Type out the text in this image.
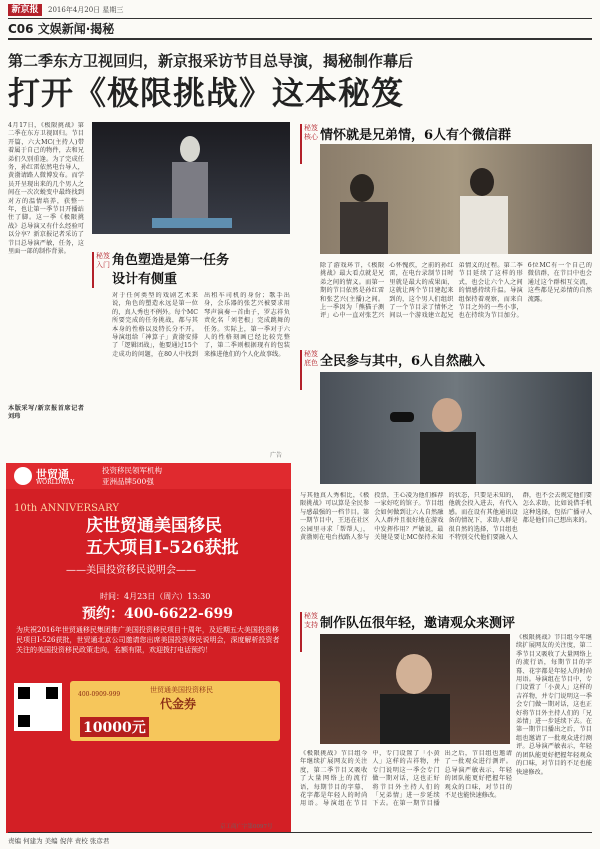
新京报	2016年4月20日 星期三
C06 文娱新闻·揭秘
第二季东方卫视回归，新京报采访节目总导演，揭秘制作幕后
打开《极限挑战》这本秘笈
4月17日，《极限挑战》第二季在东方卫视回归。节目开篇，六大MC(主持人)带着属于自己的物件，去和兄弟们久别重逢。为了完成任务，孙红雷依然电台导人，黄渤请路人微博发布。而学员开呈现出来的几个男人之间在一次次蜕变中最终找到对方的温情培养，获整一年，也让第一季节目开播站住了脚。这一季《极限挑战》总导演又有什么经验可以分享？新京报记者采访了节目总导演严敏，任务，这里面一部的制作背景。
本版采写/新京报首席记者 刘玮
秘笈入门 角色塑造是第一任务设计有侧重
对于任何类型的戏剧艺术来说，角色的塑造永远是第一位的，真人秀也不例外。每个MC所要完成的任务挑战，都与其本身的性格以及特长分不开。导演组给「神算子」黄渤安排了「逻辑团战」，他要通过15个走成功的问题，在80人中找到出租车司机的身份；歌手出身，会乐器的张艺兴被要求用琴声演奏一首曲子，罗志祥负责化名「刘老根」完成跳舞的任务。实际上，第一季对于六人的性格刻画已经比较完整了，第二季则根据现有的包装来推进他们的个人化故事线。
秘笈核心 情怀就是兄弟情，6人有个微信群
除了游戏环节，《极限挑战》最大看点就是兄弟之间的情义。而第一期的节目依然是孙红雷和张艺兴(主播)之间。上一季因为「熊猫子测评」心中一直对张艺兴心怀愧疚，之前的孙红雷，在电台录制节目时里就是最大的成果面，这就让两个节目建起来到的，这个男人们组织了一个节目录了情怀之间以一个游戏建立起兄弟情义的过程。第二季节目延续了这样的形式，也会让六个人之间的情感持续升温。导演组保持着观察，而来自节目之外的一些小事，也在持续为节目加分。6位MC有一个自己的微信群，在节目中也会通过这个群相互交流，这些都是兄弟情的自然流露。
秘笈底色 全民参与其中，6人自然融入
与其他真人秀相比，《极限挑战》可以算是全民参与感最强的一档节目。第一期节目中，王迅在社区公园里寻求「帮帮人」，黄渤则在电台找路人参与投票，王心凌为他们推荐一家好吃的馆子。节目组会如何做到让六人自然融入人群并且很好地在游戏中发挥作用？严敏说，最关键是要让MC保持未知的状态，只要是未知的，他就会投入进去，有代入感。而在设有其他通讯设备的情况下，求助人群是很自然的选择，节目组也不特别交代他们要融入人群，也不会去规定他们要怎么求助，比如说借手机这种选择，包括广播寻人都是他们自己想出来的。
秘笈支持 制作队伍很年轻，邀请观众来测评
《极限挑战》节目组今年继续扩展网友的关注度，第二季节目又吸收了大量网络上的流行语，每期节目的字幕、花字都是年轻人的时尚用语。导演组在节目中，专门设置了「小黄人」这样的吉祥物，并专门说明这一季会专门做一期对话，这也正好将节目外主持人们的「兄弟情」进一步延续下去。在第一期节目播出之后，节目组也邀请了一批观众进行测评。总导演严敏表示，年轻的团队能更好把握年轻观众的口味，对节目的不足也能快速修改。
《极限挑战》节目组今年继续扩展网友的关注度，第二季节目又吸收了大量网络上的流行语，每期节目的字幕、花字都是年轻人的时尚用语。导演组在节目中，专门设置了「小黄人」这样的吉祥物，并专门说明这一季会专门做一期对话，这也正好将节目外主持人们的「兄弟情」进一步延续下去。在第一期节目播出之后，节目组也邀请了一批观众进行测评。总导演严敏表示，年轻的团队能更好把握年轻观众的口味，对节目的不足也能快速修改。
广告
世贸通
WORLDWAY
投资移民领军机构
亚洲品牌500强
10th ANNIVERSARY
庆世贸通美国移民
五大项目I-526获批
——美国投资移民说明会——
时间：4月23日（周六）13:30
预约：400-6622-699
为庆祝2016年世贸通移民集团推广美国投资移民项目十周年，及近期五大美国投资移民项目I-526获批，世贸通北京公司邀请您出席美国投资移民说明会，深度解析投资者关注的美国投资移民政策走向，名额有限，欢迎拨打电话预约！
世贸通美国投资移民
代金券
400-0909-999
10000元
京工商广字第0097号
责编 何建为 美编 倪萍 责校 张彦君
